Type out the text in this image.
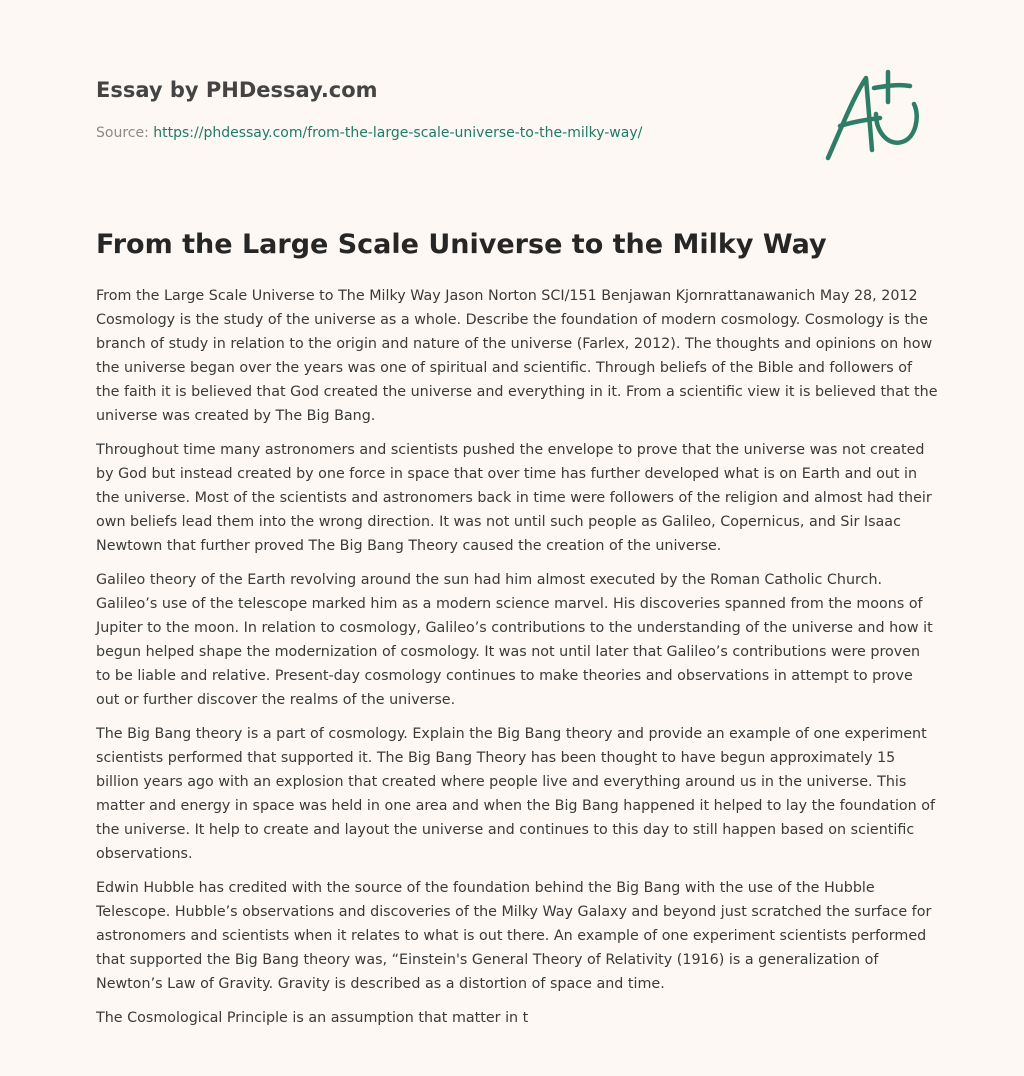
Essay by PHDessay.com
Source: https://phdessay.com/from-the-large-scale-universe-to-the-milky-way/
From the Large Scale Universe to the Milky Way

From the Large Scale Universe to The Milky Way Jason Norton SCI/151 Benjawan Kjornrattanawanich May 28, 2012 Cosmology is the study of the universe as a whole. Describe the foundation of modern cosmology. Cosmology is the branch of study in relation to the origin and nature of the universe (Farlex, 2012). The thoughts and opinions on how the universe began over the years was one of spiritual and scientific. Through beliefs of the Bible and followers of the faith it is believed that God created the universe and everything in it. From a scientific view it is believed that the universe was created by The Big Bang.

Throughout time many astronomers and scientists pushed the envelope to prove that the universe was not created by God but instead created by one force in space that over time has further developed what is on Earth and out in the universe. Most of the scientists and astronomers back in time were followers of the religion and almost had their own beliefs lead them into the wrong direction. It was not until such people as Galileo, Copernicus, and Sir Isaac Newtown that further proved The Big Bang Theory caused the creation of the universe.

Galileo theory of the Earth revolving around the sun had him almost executed by the Roman Catholic Church. Galileo’s use of the telescope marked him as a modern science marvel. His discoveries spanned from the moons of Jupiter to the moon. In relation to cosmology, Galileo’s contributions to the understanding of the universe and how it begun helped shape the modernization of cosmology. It was not until later that Galileo’s contributions were proven to be liable and relative. Present-day cosmology continues to make theories and observations in attempt to prove out or further discover the realms of the universe.

The Big Bang theory is a part of cosmology. Explain the Big Bang theory and provide an example of one experiment scientists performed that supported it. The Big Bang Theory has been thought to have begun approximately 15 billion years ago with an explosion that created where people live and everything around us in the universe. This matter and energy in space was held in one area and when the Big Bang happened it helped to lay the foundation of the universe. It help to create and layout the universe and continues to this day to still happen based on scientific observations.

Edwin Hubble has credited with the source of the foundation behind the Big Bang with the use of the Hubble Telescope. Hubble’s observations and discoveries of the Milky Way Galaxy and beyond just scratched the surface for astronomers and scientists when it relates to what is out there. An example of one experiment scientists performed that supported the Big Bang theory was, “Einstein's General Theory of Relativity (1916) is a generalization of Newton’s Law of Gravity. Gravity is described as a distortion of space and time.

The Cosmological Principle is an assumption that matter in t
